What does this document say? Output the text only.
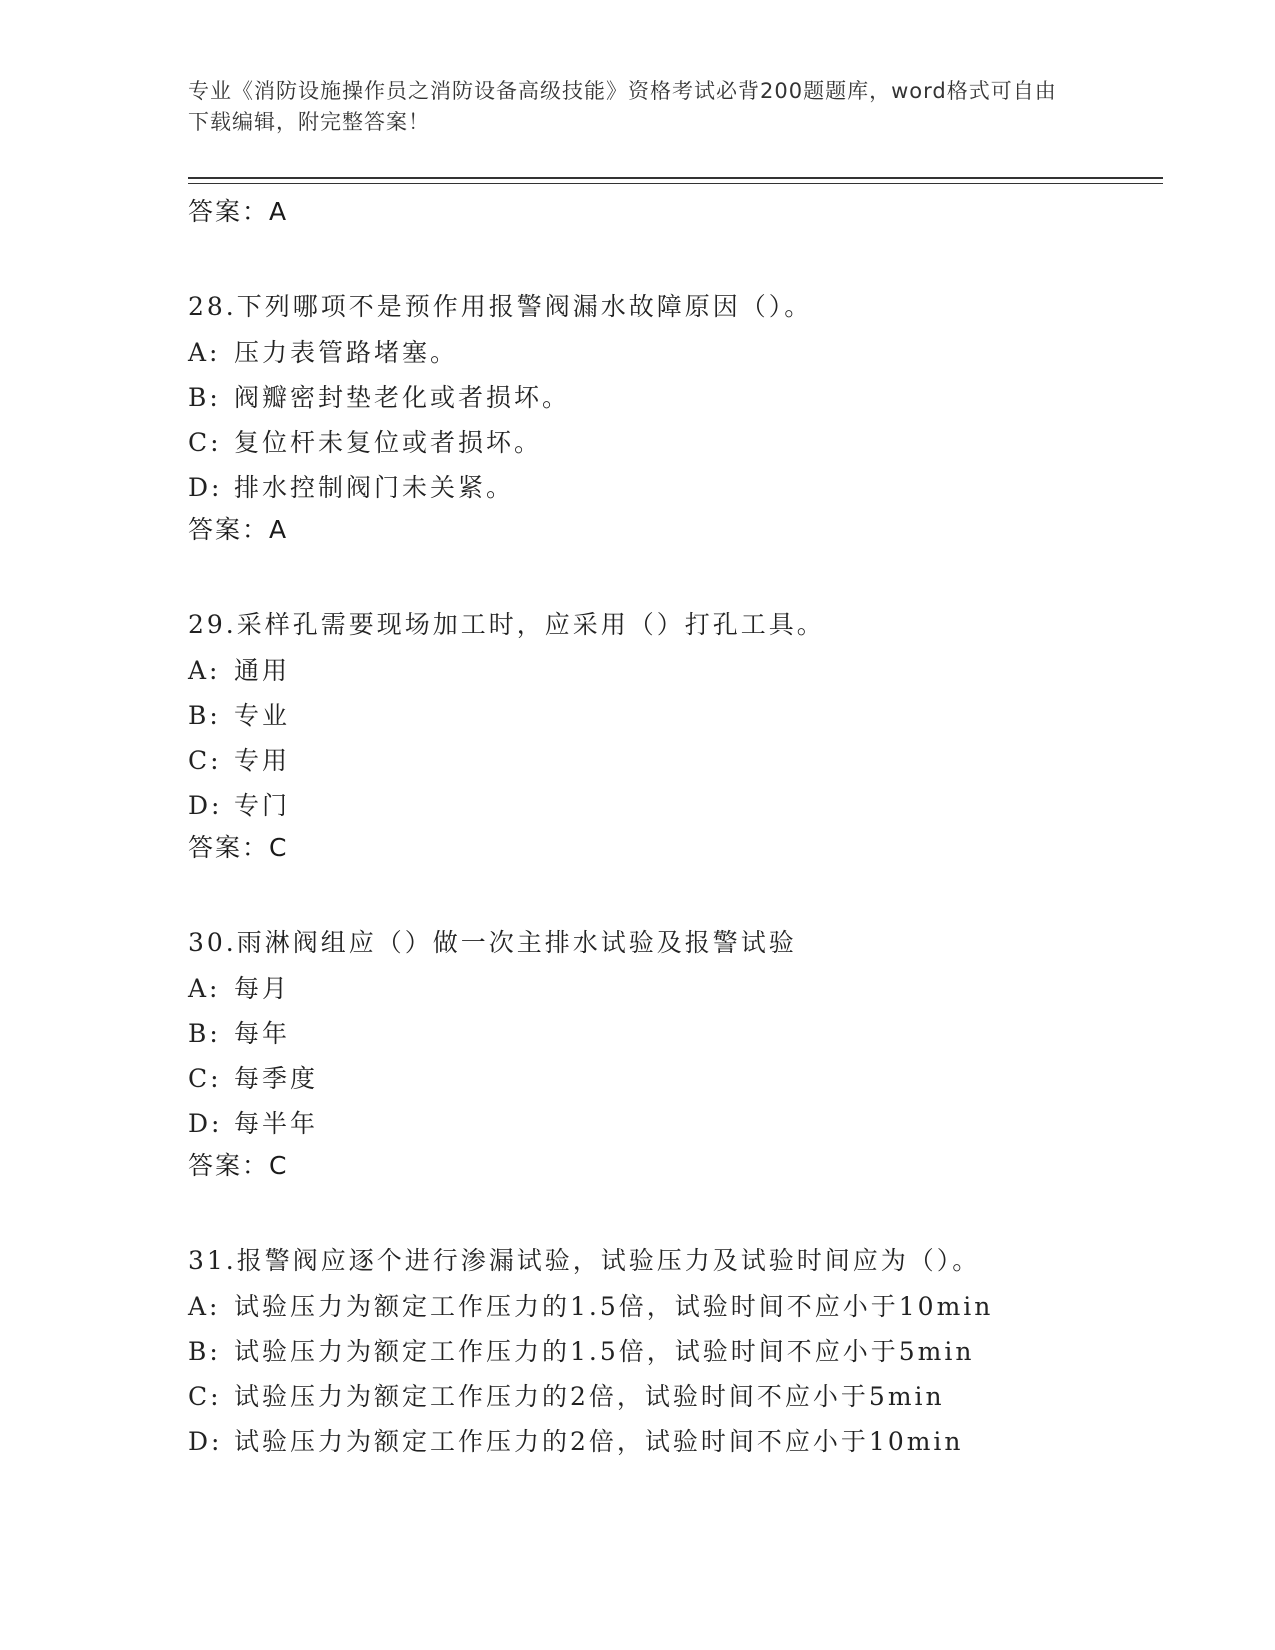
专业《消防设施操作员之消防设备高级技能》资格考试必背200题题库，word格式可自由下载编辑，附完整答案！
答案：A
28.下列哪项不是预作用报警阀漏水故障原因（）。
A: 压力表管路堵塞。
B: 阀瓣密封垫老化或者损坏。
C: 复位杆未复位或者损坏。
D: 排水控制阀门未关紧。
答案：A
29.采样孔需要现场加工时，应采用（）打孔工具。
A: 通用
B: 专业
C: 专用
D: 专门
答案：C
30.雨淋阀组应（）做一次主排水试验及报警试验
A: 每月
B: 每年
C: 每季度
D: 每半年
答案：C
31.报警阀应逐个进行渗漏试验，试验压力及试验时间应为（）。
A: 试验压力为额定工作压力的1.5倍，试验时间不应小于10min
B: 试验压力为额定工作压力的1.5倍，试验时间不应小于5min
C: 试验压力为额定工作压力的2倍，试验时间不应小于5min
D: 试验压力为额定工作压力的2倍，试验时间不应小于10min
